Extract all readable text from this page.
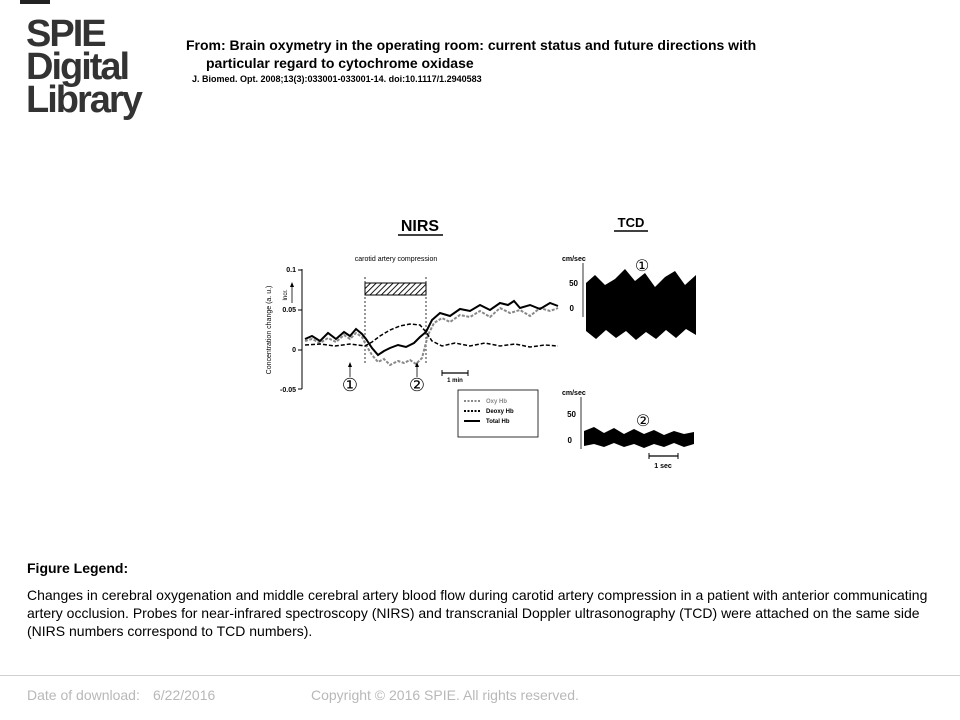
SPIE
Digital
Library
From: Brain oxymetry in the operating room: current status and future directions with
particular regard to cytochrome oxidase
J. Biomed. Opt. 2008;13(3):033001-033001-14. doi:10.1117/1.2940583
NIRS	TCD
carotid artery compression
0.1
0.05
0
-0.05
Concentration change (a. u.) Incr.
①	②	1 min
Oxy Hb
Deoxy Hb
Total Hb
cm/sec
50
0
①
cm/sec
50
0
②
1 sec
Figure Legend:
Changes in cerebral oxygenation and middle cerebral artery blood flow during carotid artery compression in a patient with anterior communicating artery occlusion. Probes for near-infrared spectroscopy (NIRS) and transcranial Doppler ultrasonography (TCD) were attached on the same side (NIRS numbers correspond to TCD numbers).
Date of download: 6/22/2016	Copyright © 2016 SPIE. All rights reserved.
